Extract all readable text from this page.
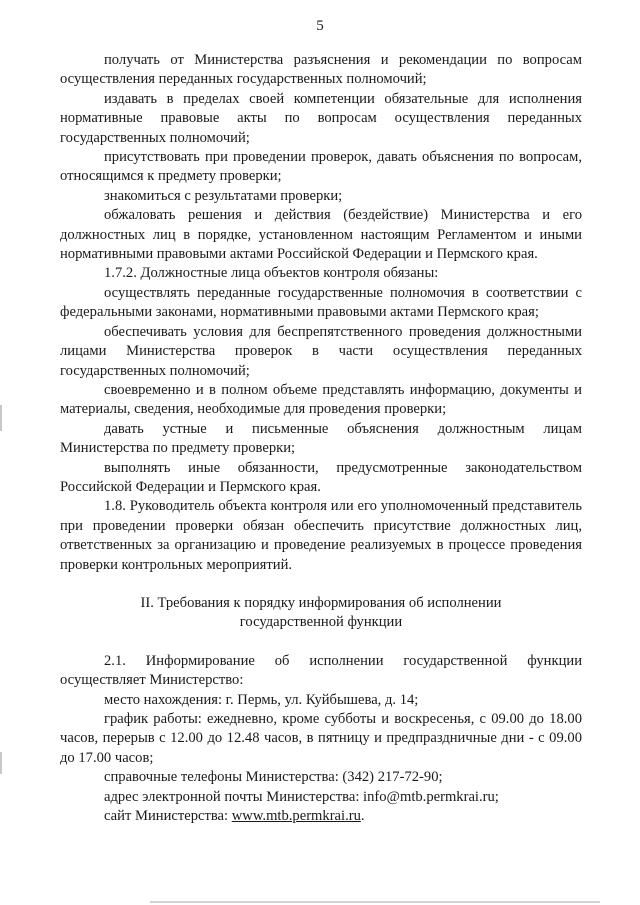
5

получать от Министерства разъяснения и рекомендации по вопросам осуществления переданных государственных полномочий;

издавать в пределах своей компетенции обязательные для исполнения нормативные правовые акты по вопросам осуществления переданных государственных полномочий;

присутствовать при проведении проверок, давать объяснения по вопросам, относящимся к предмету проверки;

знакомиться с результатами проверки;

обжаловать решения и действия (бездействие) Министерства и его должностных лиц в порядке, установленном настоящим Регламентом и иными нормативными правовыми актами Российской Федерации и Пермского края.

1.7.2. Должностные лица объектов контроля обязаны:

осуществлять переданные государственные полномочия в соответствии с федеральными законами, нормативными правовыми актами Пермского края;

обеспечивать условия для беспрепятственного проведения должностными лицами Министерства проверок в части осуществления переданных государственных полномочий;

своевременно и в полном объеме представлять информацию, документы и материалы, сведения, необходимые для проведения проверки;

давать устные и письменные объяснения должностным лицам Министерства по предмету проверки;

выполнять иные обязанности, предусмотренные законодательством Российской Федерации и Пермского края.

1.8. Руководитель объекта контроля или его уполномоченный представитель при проведении проверки обязан обеспечить присутствие должностных лиц, ответственных за организацию и проведение реализуемых в процессе проведения проверки контрольных мероприятий.

II. Требования к порядку информирования об исполнении
государственной функции

2.1. Информирование об исполнении государственной функции осуществляет Министерство:

место нахождения: г. Пермь, ул. Куйбышева, д. 14;

график работы: ежедневно, кроме субботы и воскресенья, с 09.00 до 18.00 часов, перерыв с 12.00 до 12.48 часов, в пятницу и предпраздничные дни - с 09.00 до 17.00 часов;

справочные телефоны Министерства: (342) 217-72-90;

адрес электронной почты Министерства: info@mtb.permkrai.ru;

сайт Министерства: www.mtb.permkrai.ru.
